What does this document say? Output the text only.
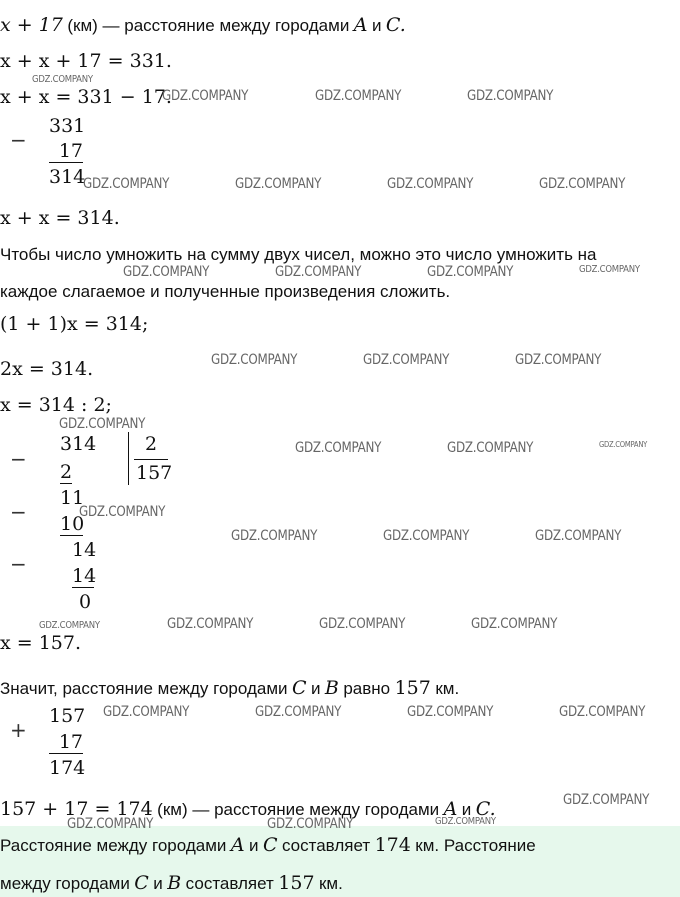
x + 17 (км) — расстояние между городами A и C.
x + x + 17 = 331.
x + x = 331 − 17.
−
331
17
314
x + x = 314.
Чтобы число умножить на сумму двух чисел, можно это число умножить на
каждое слагаемое и полученные произведения сложить.
(1 + 1)x = 314;
2x = 314.
x = 314 : 2;
−
314	2
157
2
11
− 10
14
− 14
0
x = 157.
Значит, расстояние между городами C и B равно 157 км.
+
157
17
174
157 + 17 = 174 (км) — расстояние между городами A и C.
Расстояние между городами A и C составляет 174 км. Расстояние
между городами C и B составляет 157 км.
GDZ.COMPANY
GDZ.COMPANY	GDZ.COMPANY	GDZ.COMPANY
GDZ.COMPANY	GDZ.COMPANY	GDZ.COMPANY	GDZ.COMPANY
GDZ.COMPANY	GDZ.COMPANY	GDZ.COMPANY	GDZ.COMPANY
GDZ.COMPANY	GDZ.COMPANY	GDZ.COMPANY
GDZ.COMPANY
GDZ.COMPANY	GDZ.COMPANY	GDZ.COMPANY
GDZ.COMPANY
GDZ.COMPANY	GDZ.COMPANY	GDZ.COMPANY
GDZ.COMPANY	GDZ.COMPANY	GDZ.COMPANY	GDZ.COMPANY
GDZ.COMPANY	GDZ.COMPANY	GDZ.COMPANY	GDZ.COMPANY
GDZ.COMPANY
GDZ.COMPANY	GDZ.COMPANY	GDZ.COMPANY
